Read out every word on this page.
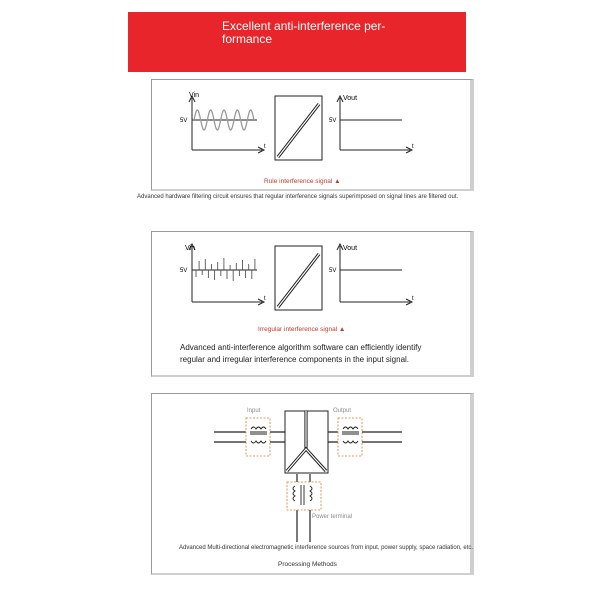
Excellent anti-interference per-
formance
Vin
5V
t
Vout
5V
t
Rule interference signal ▲
Advanced hardware filtering circuit ensures that regular interference signals superimposed on signal lines are filtered out.
Vin
5V
t
Vout
5V
t
Irregular interference signal ▲
Advanced anti-interference algorithm software can efficiently identify
regular and irregular interference components in the input signal.
Input	Output
Power terminal
Advanced Multi-directional electromagnetic interference sources from input, power supply, space radiation, etc.
Processing Methods
